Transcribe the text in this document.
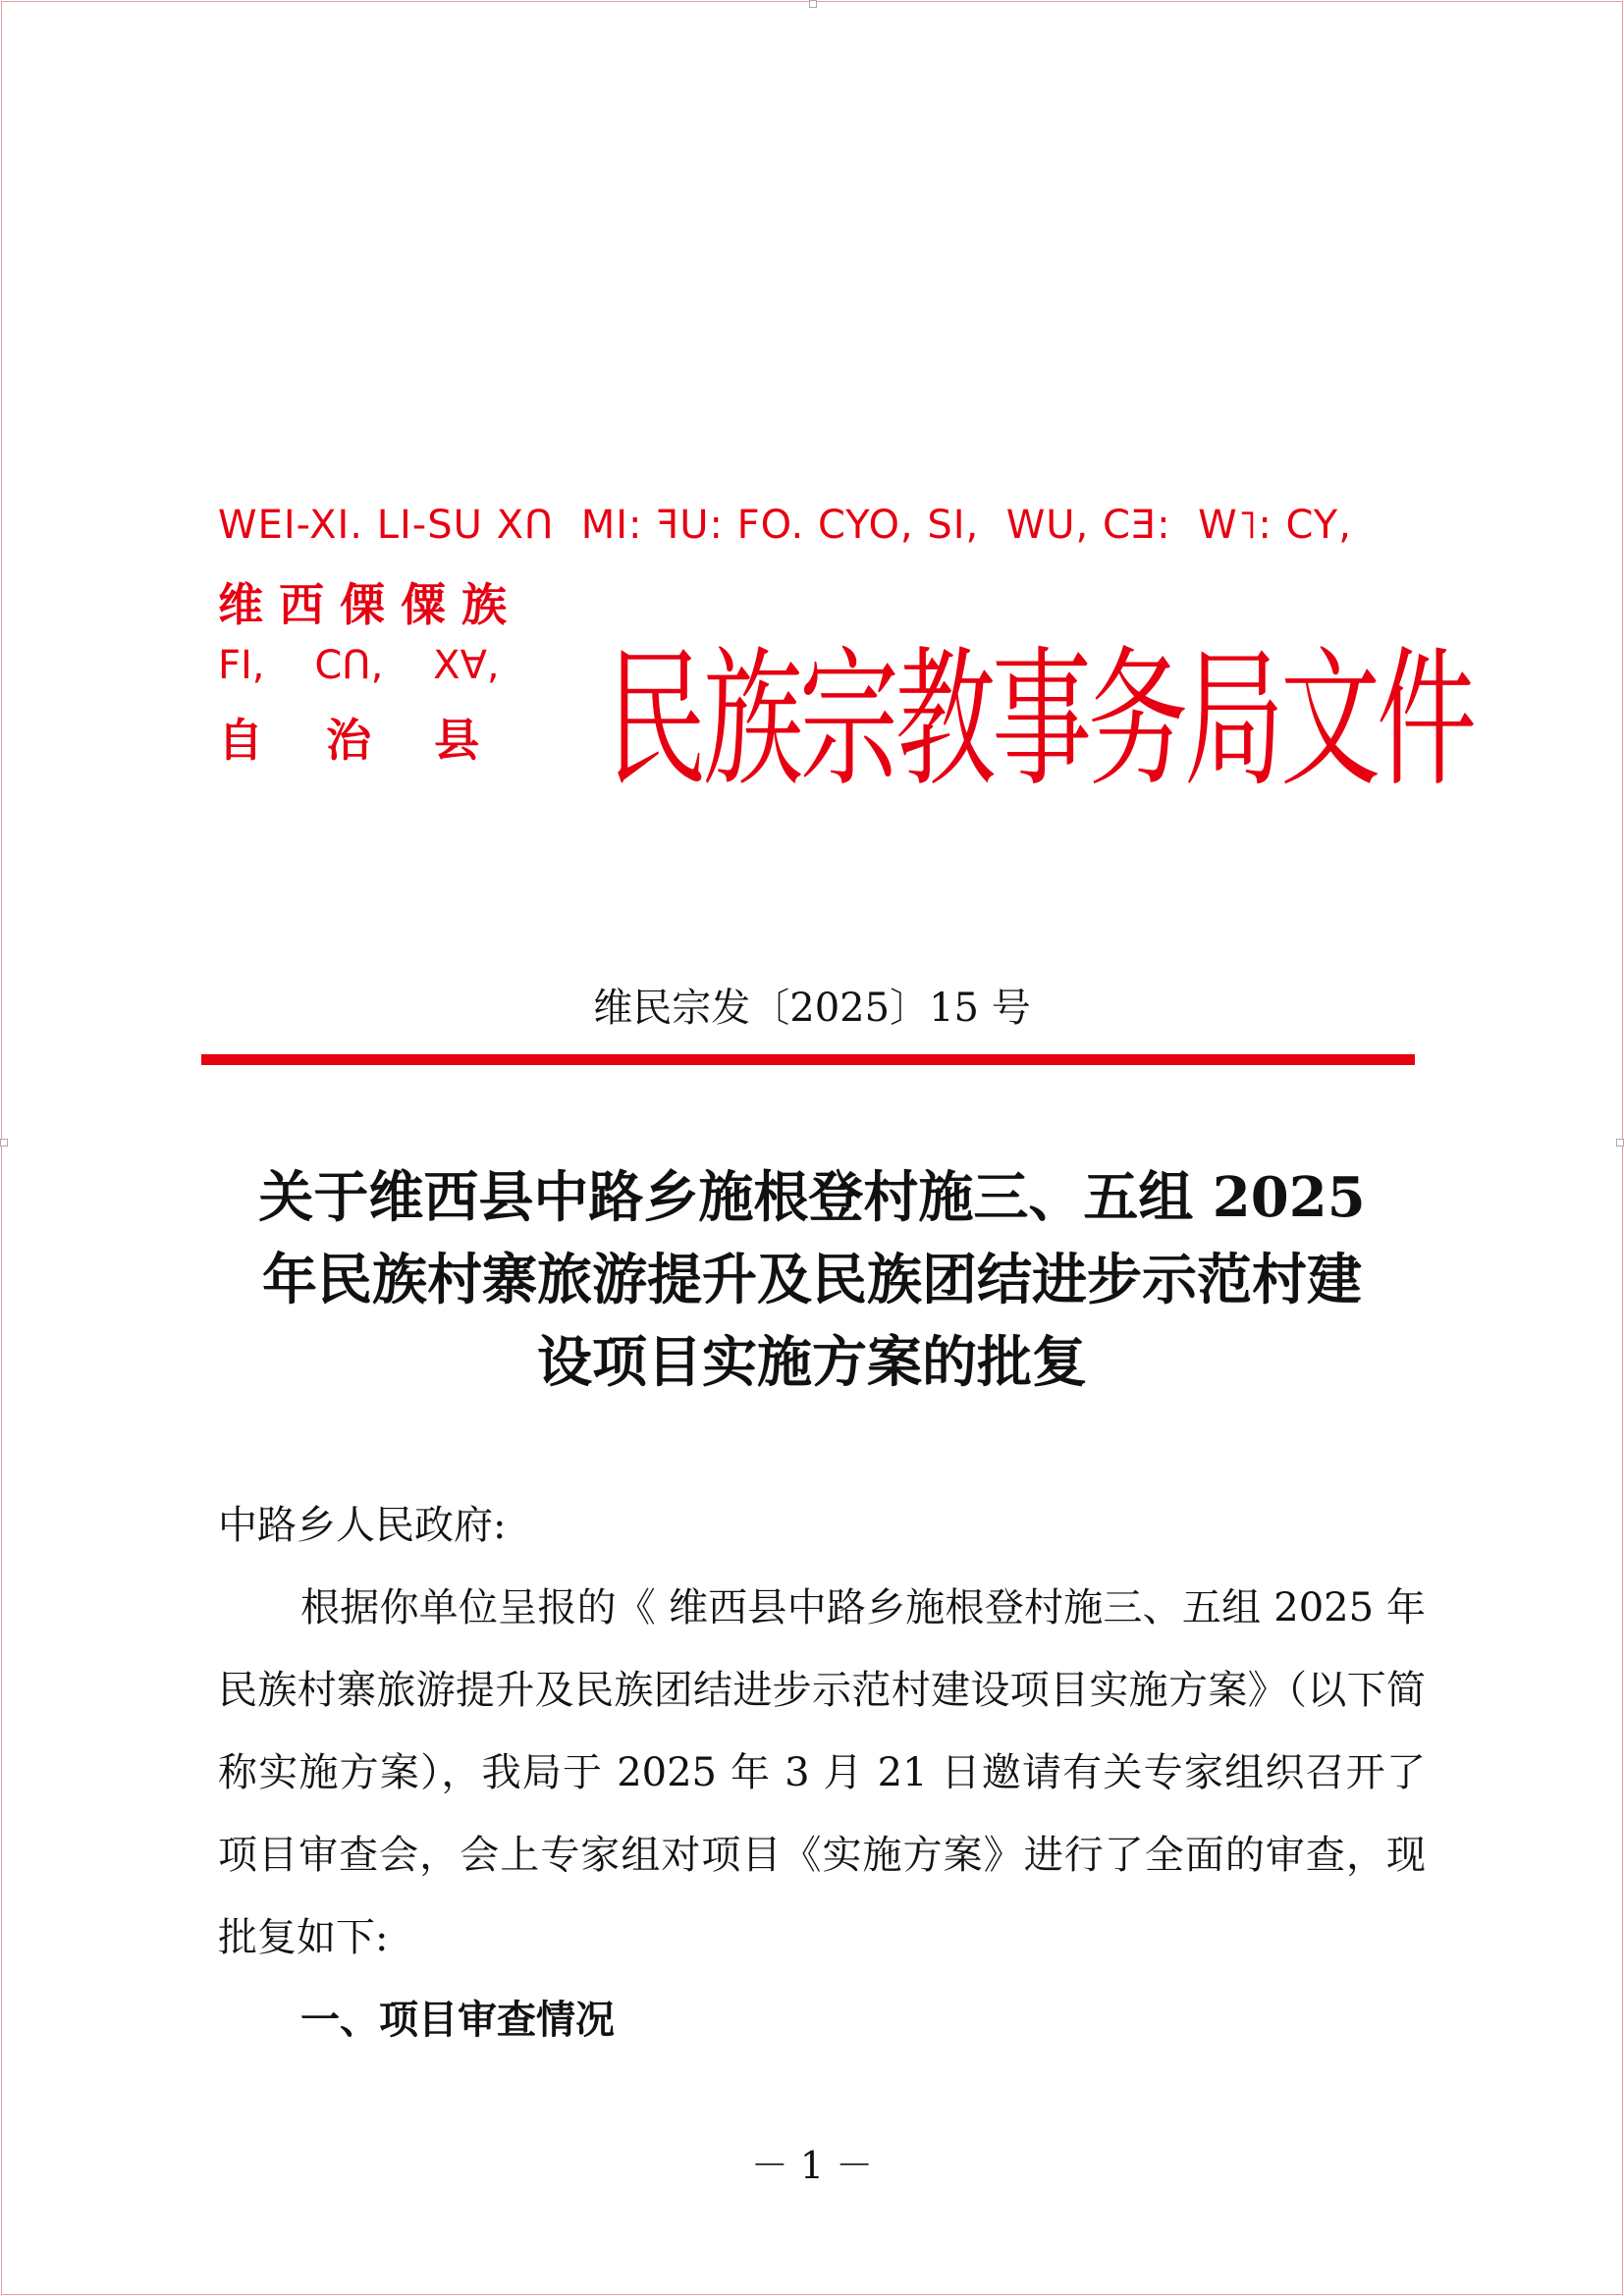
WEI-XI. LI-SU XՈ  MI: ꟻU: FO. CYO, SI,  WU, CƎ:  W˥: CY,
维 西 傈 僳 族
FI,    CՈ,    X∀,
自    治    县 民族宗教事务局文件
维民宗发〔2025〕15 号
关于维西县中路乡施根登村施三、五组 2025
年民族村寨旅游提升及民族团结进步示范村建
设项目实施方案的批复

中路乡人民政府:

根据你单位呈报的《 维西县中路乡施根登村施三、五组 2025 年民族村寨旅游提升及民族团结进步示范村建设项目实施方案》（以下简称实施方案），我局于 2025 年 3 月 21 日邀请有关专家组织召开了项目审查会，会上专家组对项目《实施方案》进行了全面的审查，现批复如下:

一、项目审查情况

－ 1 －
